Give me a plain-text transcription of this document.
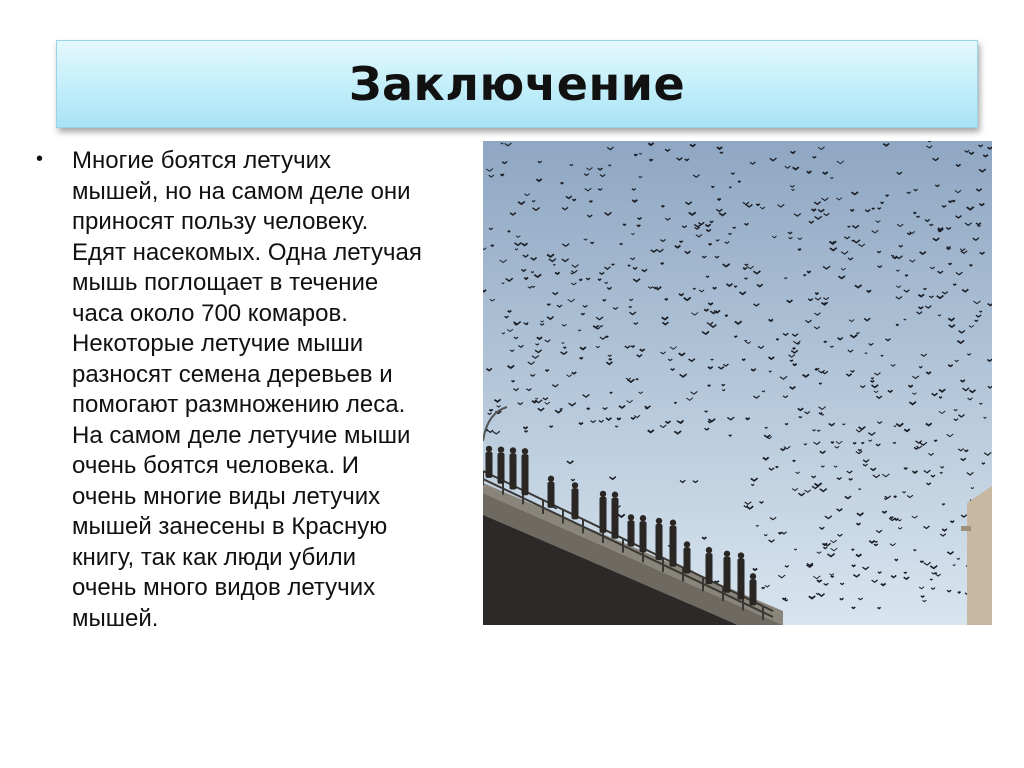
Заключение
• Многие боятся летучих
мышей, но на самом деле они
приносят пользу человеку.
Едят насекомых. Одна летучая
мышь поглощает в течение
часа около 700 комаров.
Некоторые летучие мыши
разносят семена деревьев и
помогают размножению леса.
На самом деле летучие мыши
очень боятся человека. И
очень многие виды летучих
мышей занесены в Красную
книгу, так как люди убили
очень много видов летучих
мышей.
